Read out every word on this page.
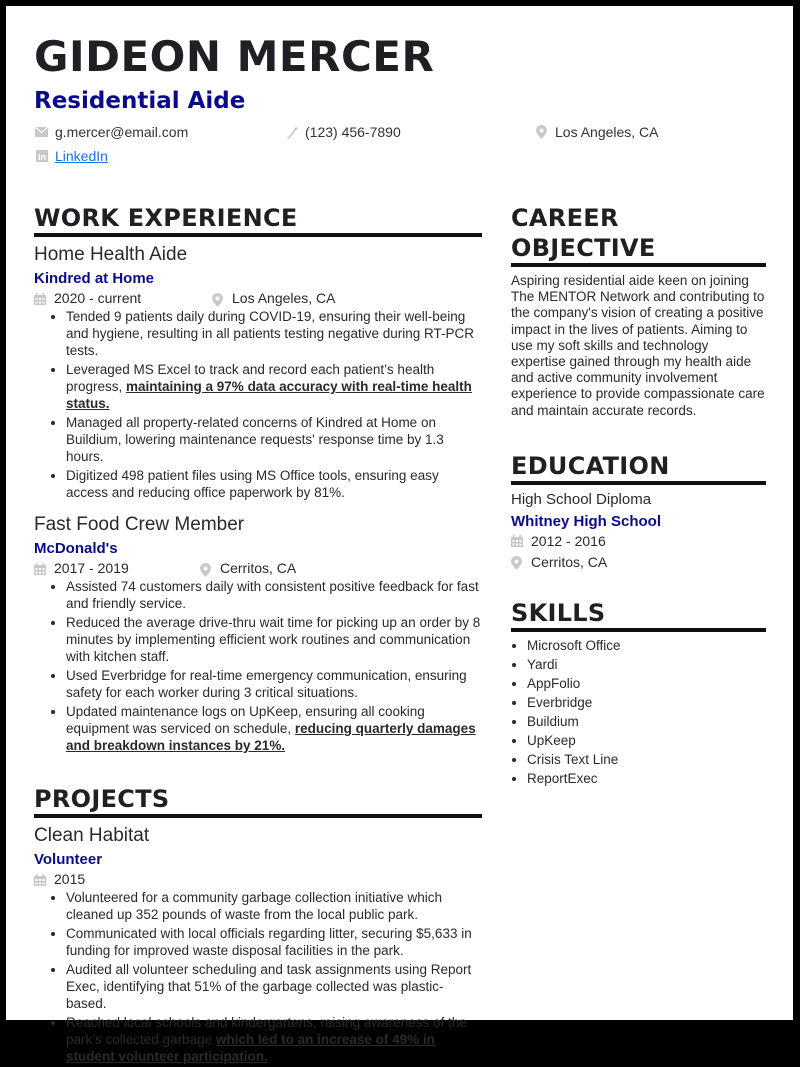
GIDEON MERCER
Residential Aide
g.mercer@email.com	(123) 456-7890	Los Angeles, CA
in LinkedIn
WORK EXPERIENCE
Home Health Aide
Kindred at Home
2020 - current	Los Angeles, CA
• Tended 9 patients daily during COVID-19, ensuring their well-being and hygiene, resulting in all patients testing negative during RT-PCR tests.
• Leveraged MS Excel to track and record each patient’s health progress, maintaining a 97% data accuracy with real-time health status.
• Managed all property-related concerns of Kindred at Home on Buildium, lowering maintenance requests' response time by 1.3 hours.
• Digitized 498 patient files using MS Office tools, ensuring easy access and reducing office paperwork by 81%.
Fast Food Crew Member
McDonald's
2017 - 2019	Cerritos, CA
• Assisted 74 customers daily with consistent positive feedback for fast and friendly service.
• Reduced the average drive-thru wait time for picking up an order by 8 minutes by implementing efficient work routines and communication with kitchen staff.
• Used Everbridge for real-time emergency communication, ensuring safety for each worker during 3 critical situations.
• Updated maintenance logs on UpKeep, ensuring all cooking equipment was serviced on schedule, reducing quarterly damages and breakdown instances by 21%.
PROJECTS
Clean Habitat
Volunteer
2015
• Volunteered for a community garbage collection initiative which cleaned up 352 pounds of waste from the local public park.
• Communicated with local officials regarding litter, securing $5,633 in funding for improved waste disposal facilities in the park.
• Audited all volunteer scheduling and task assignments using Report Exec, identifying that 51% of the garbage collected was plastic-based.
• Reached local schools and kindergartens, raising awareness of the park’s collected garbage which led to an increase of 49% in student volunteer participation.
CAREER
OBJECTIVE
Aspiring residential aide keen on joining The MENTOR Network and contributing to the company's vision of creating a positive impact in the lives of patients. Aiming to use my soft skills and technology expertise gained through my health aide and active community involvement experience to provide compassionate care and maintain accurate records.
EDUCATION
High School Diploma
Whitney High School
2012 - 2016
Cerritos, CA
SKILLS
• Microsoft Office
• Yardi
• AppFolio
• Everbridge
• Buildium
• UpKeep
• Crisis Text Line
• ReportExec
